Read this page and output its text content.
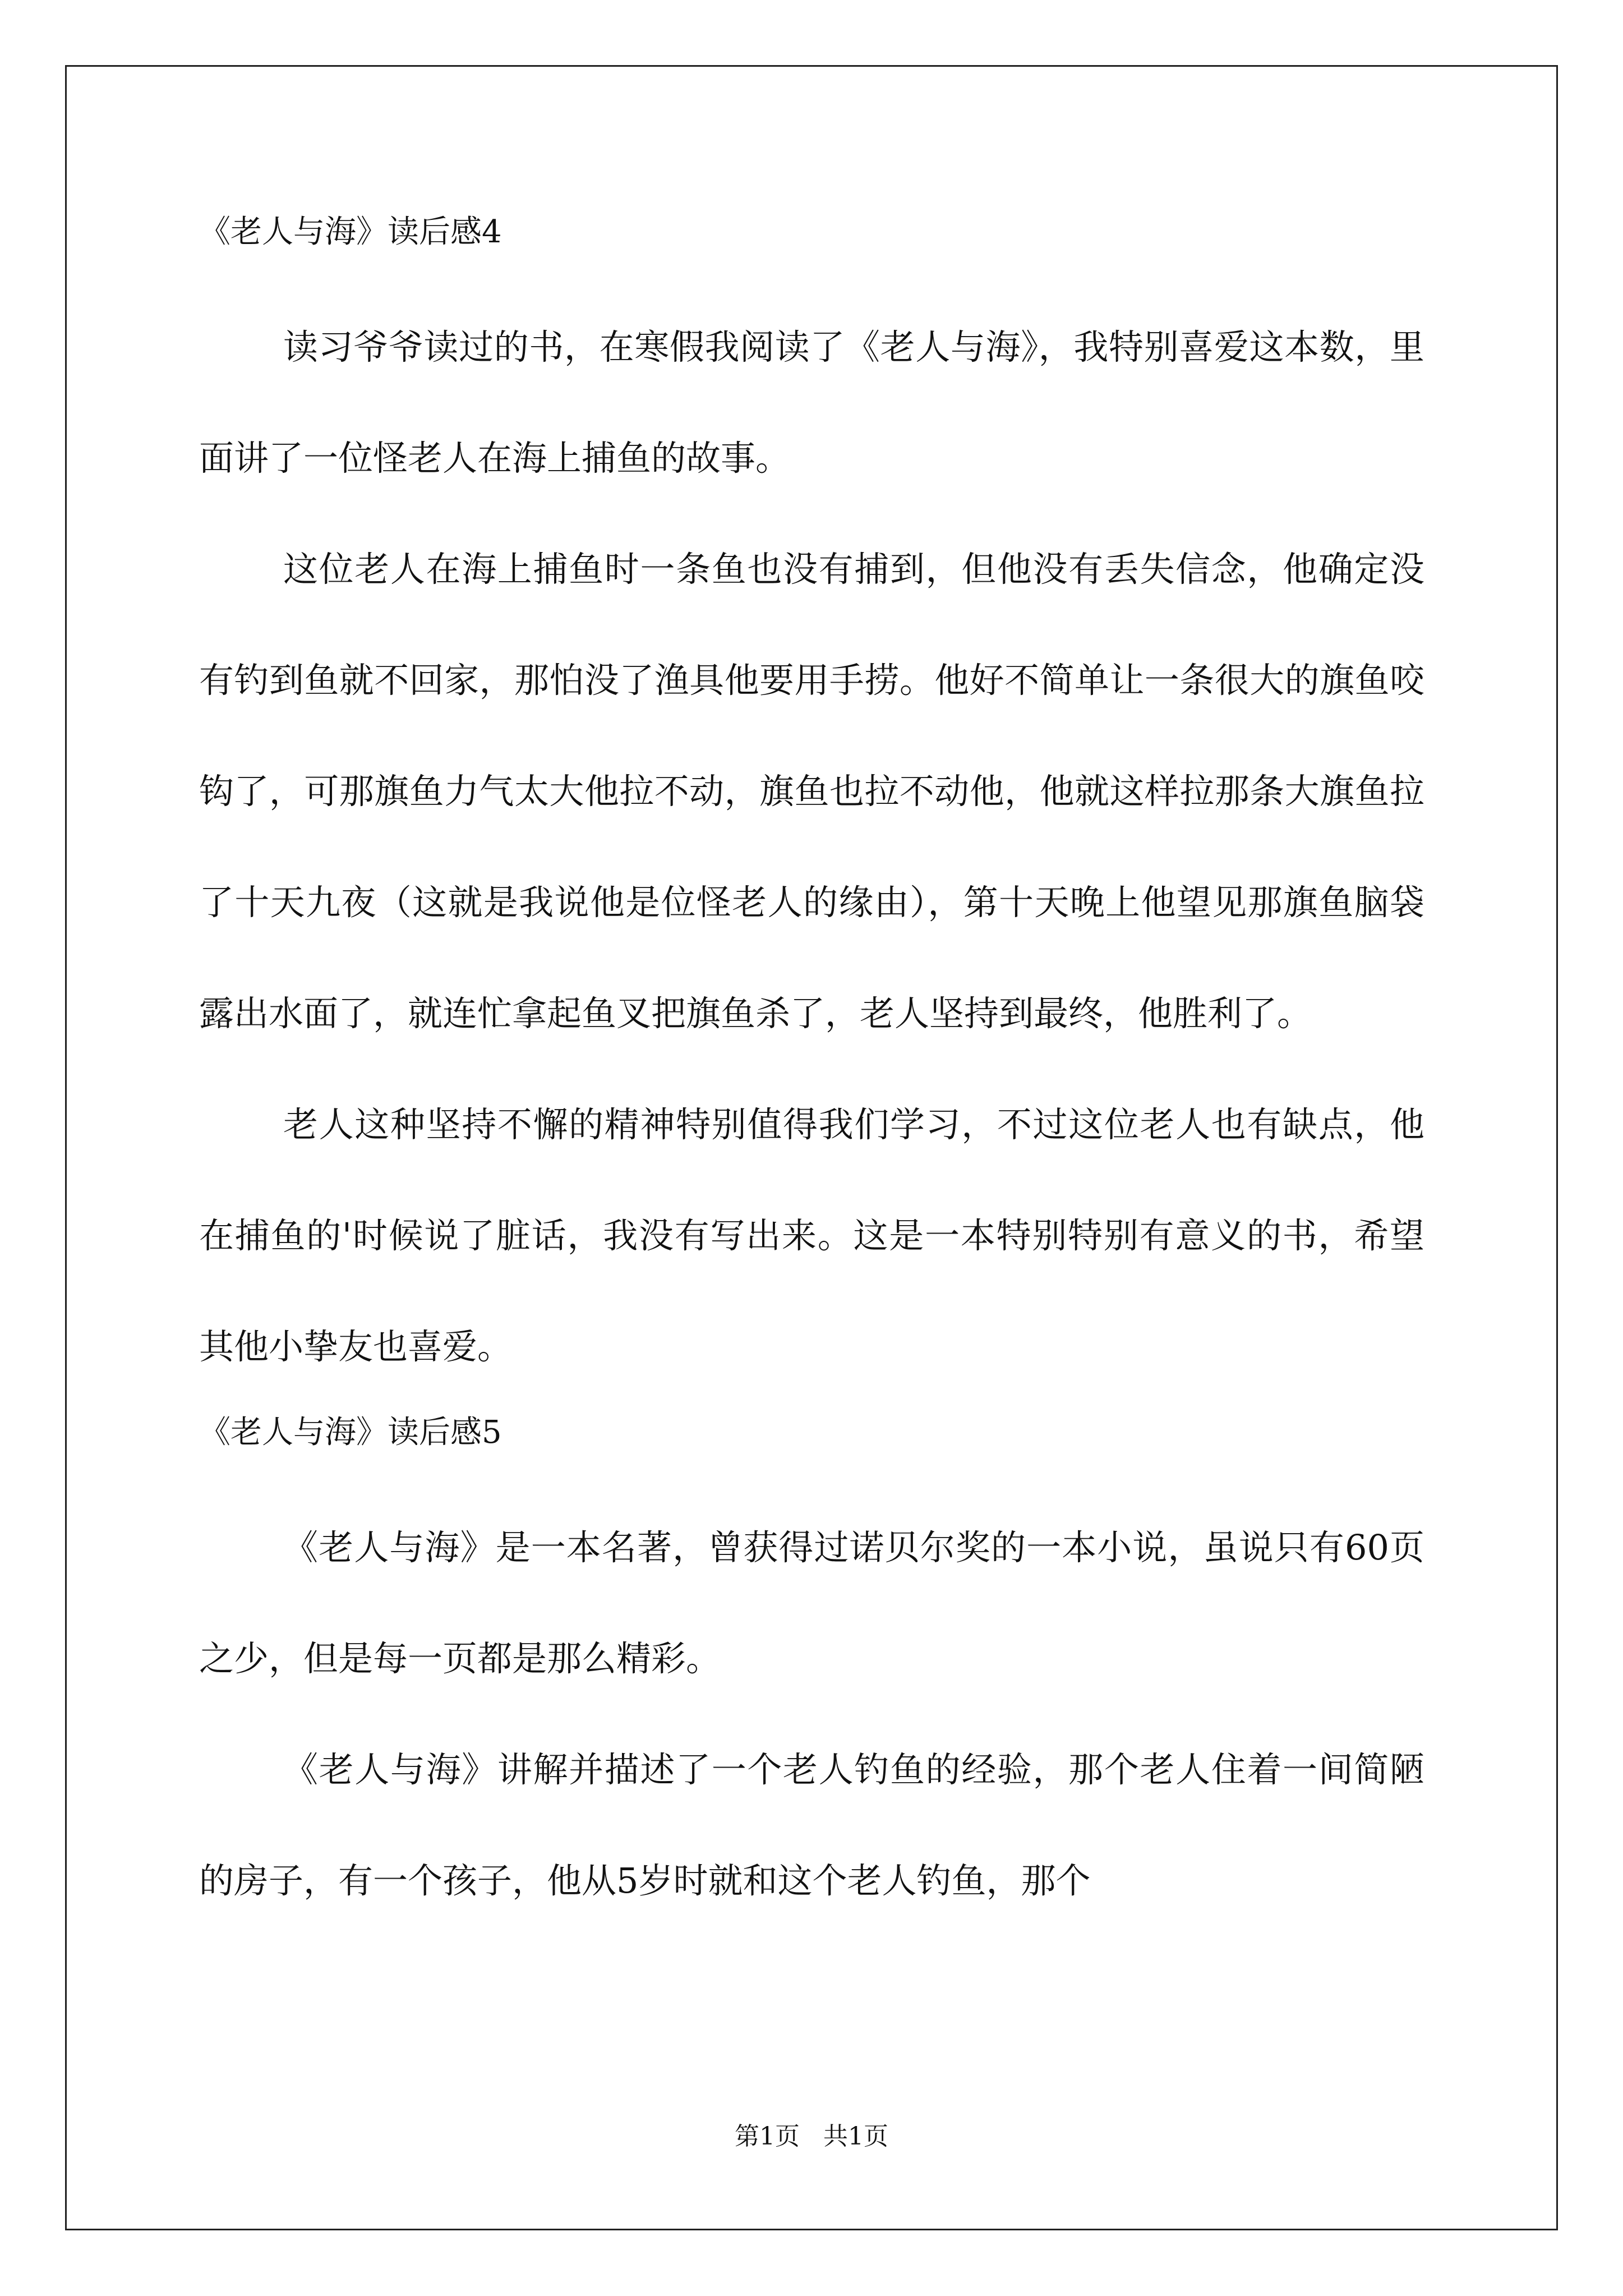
《老人与海》读后感4

读习爷爷读过的书，在寒假我阅读了《老人与海》，我特别喜爱这本数，里面讲了一位怪老人在海上捕鱼的故事。

这位老人在海上捕鱼时一条鱼也没有捕到，但他没有丢失信念，他确定没有钓到鱼就不回家，那怕没了渔具他要用手捞。他好不简单让一条很大的旗鱼咬钩了，可那旗鱼力气太大他拉不动，旗鱼也拉不动他，他就这样拉那条大旗鱼拉了十天九夜（这就是我说他是位怪老人的缘由），第十天晚上他望见那旗鱼脑袋露出水面了，就连忙拿起鱼叉把旗鱼杀了，老人坚持到最终，他胜利了。

老人这种坚持不懈的精神特别值得我们学习，不过这位老人也有缺点，他在捕鱼的'时候说了脏话，我没有写出来。这是一本特别特别有意义的书，希望其他小挚友也喜爱。

《老人与海》读后感5

《老人与海》是一本名著，曾获得过诺贝尔奖的一本小说，虽说只有60页之少，但是每一页都是那么精彩。

《老人与海》讲解并描述了一个老人钓鱼的经验，那个老人住着一间简陋的房子，有一个孩子，他从5岁时就和这个老人钓鱼，那个

第1页   共1页
